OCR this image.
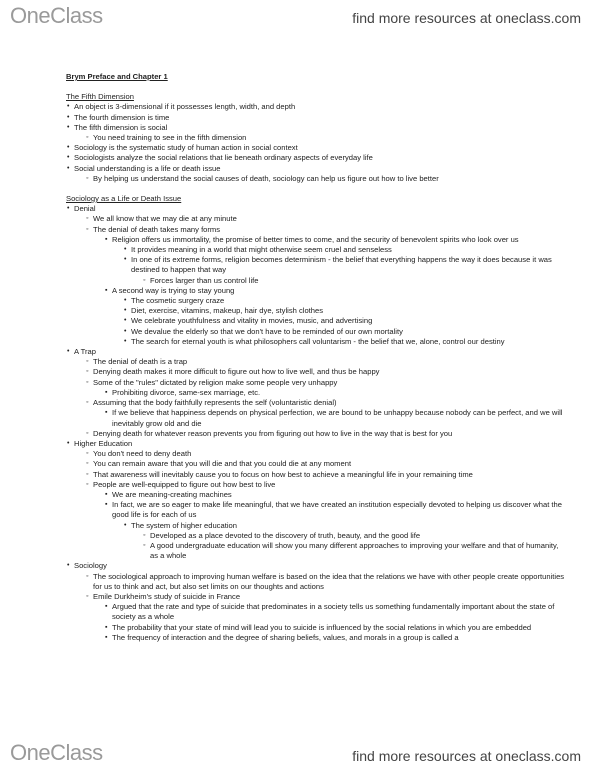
OneClass	find more resources at oneclass.com
Brym Preface and Chapter 1
The Fifth Dimension
• An object is 3-dimensional if it possesses length, width, and depth
• The fourth dimension is time
• The fifth dimension is social
◦ You need training to see in the fifth dimension
• Sociology is the systematic study of human action in social context
• Sociologists analyze the social relations that lie beneath ordinary aspects of everyday life
• Social understanding is a life or death issue
◦ By helping us understand the social causes of death, sociology can help us figure out how to live better
Sociology as a Life or Death Issue
• Denial
◦ We all know that we may die at any minute
◦ The denial of death takes many forms
▪ Religion offers us immortality, the promise of better times to come, and the security of benevolent spirits who look over us
• It provides meaning in a world that might otherwise seem cruel and senseless
• In one of its extreme forms, religion becomes determinism - the belief that everything happens the way it does because it was destined to happen that way
◦ Forces larger than us control life
▪ A second way is trying to stay young
• The cosmetic surgery craze
• Diet, exercise, vitamins, makeup, hair dye, stylish clothes
• We celebrate youthfulness and vitality in movies, music, and advertising
• We devalue the elderly so that we don't have to be reminded of our own mortality
• The search for eternal youth is what philosophers call voluntarism - the belief that we, alone, control our destiny
• A Trap
◦ The denial of death is a trap
◦ Denying death makes it more difficult to figure out how to live well, and thus be happy
◦ Some of the "rules" dictated by religion make some people very unhappy
▪ Prohibiting divorce, same-sex marriage, etc.
◦ Assuming that the body faithfully represents the self (voluntaristic denial)
▪ If we believe that happiness depends on physical perfection, we are bound to be unhappy because nobody can be perfect, and we will inevitably grow old and die
◦ Denying death for whatever reason prevents you from figuring out how to live in the way that is best for you
• Higher Education
◦ You don't need to deny death
◦ You can remain aware that you will die and that you could die at any moment
◦ That awareness will inevitably cause you to focus on how best to achieve a meaningful life in your remaining time
◦ People are well-equipped to figure out how best to live
▪ We are meaning-creating machines
▪ In fact, we are so eager to make life meaningful, that we have created an institution especially devoted to helping us discover what the good life is for each of us
• The system of higher education
◦ Developed as a place devoted to the discovery of truth, beauty, and the good life
◦ A good undergraduate education will show you many different approaches to improving your welfare and that of humanity, as a whole
• Sociology
◦ The sociological approach to improving human welfare is based on the idea that the relations we have with other people create opportunities for us to think and act, but also set limits on our thoughts and actions
◦ Emile Durkheim's study of suicide in France
▪ Argued that the rate and type of suicide that predominates in a society tells us something fundamentally important about the state of society as a whole
▪ The probability that your state of mind will lead you to suicide is influenced by the social relations in which you are embedded
▪ The frequency of interaction and the degree of sharing beliefs, values, and morals in a group is called a
OneClass	find more resources at oneclass.com
